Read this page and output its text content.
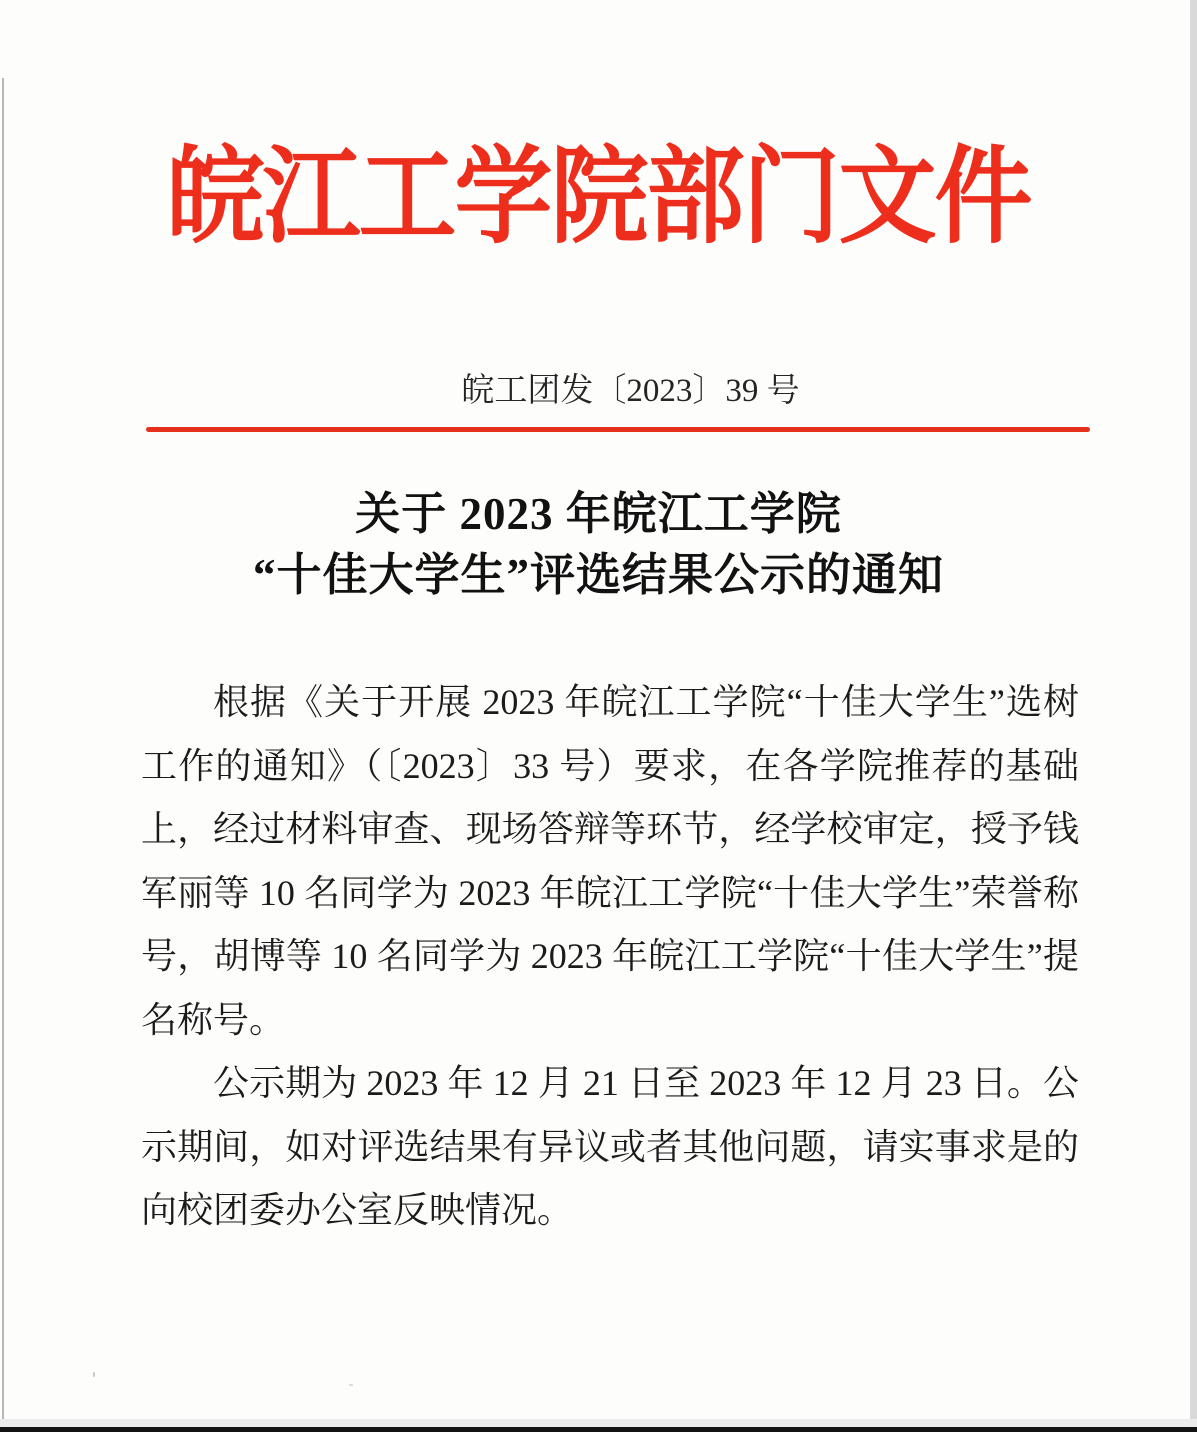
皖江工学院部门文件
皖工团发〔2023〕39 号
关于 2023 年皖江工学院
“十佳大学生”评选结果公示的通知

根据《关于开展 2023 年皖江工学院“十佳大学生”选树工作的通知》（〔2023〕33 号）要求，在各学院推荐的基础上，经过材料审查、现场答辩等环节，经学校审定，授予钱军丽等 10 名同学为 2023 年皖江工学院“十佳大学生”荣誉称号，胡博等 10 名同学为 2023 年皖江工学院“十佳大学生”提名称号。

公示期为 2023 年 12 月 21 日至 2023 年 12 月 23 日。公示期间，如对评选结果有异议或者其他问题，请实事求是的向校团委办公室反映情况。
